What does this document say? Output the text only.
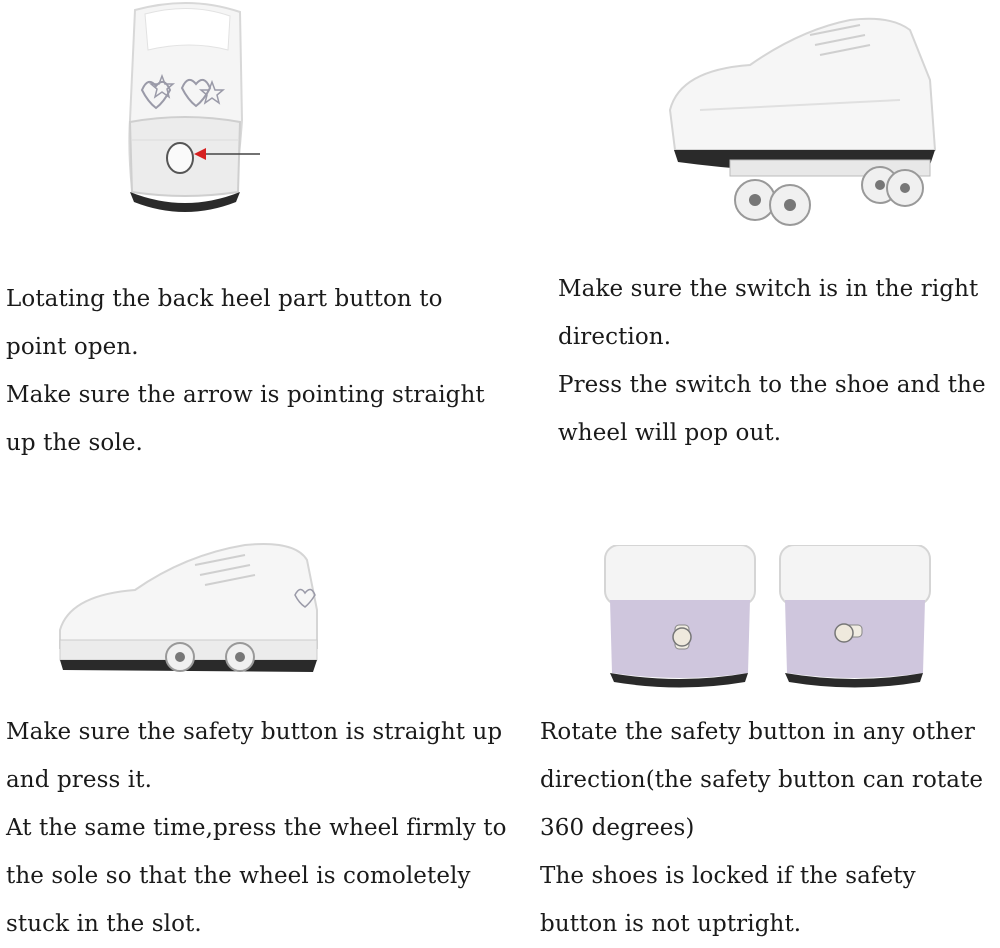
Lotating the back heel part button to
point open.
Make sure the arrow is pointing straight
up the sole.
Make sure the switch is in the right
direction.
Press the switch to the shoe and the
wheel will pop out.
Make sure the safety button is straight up
and press it.
At the same time,press the wheel firmly to
the sole so that the wheel is comoletely
stuck in the slot.
Rotate the safety button in any other
direction(the safety button can rotate
360 degrees)
The shoes is locked if the safety
button is not uptright.
